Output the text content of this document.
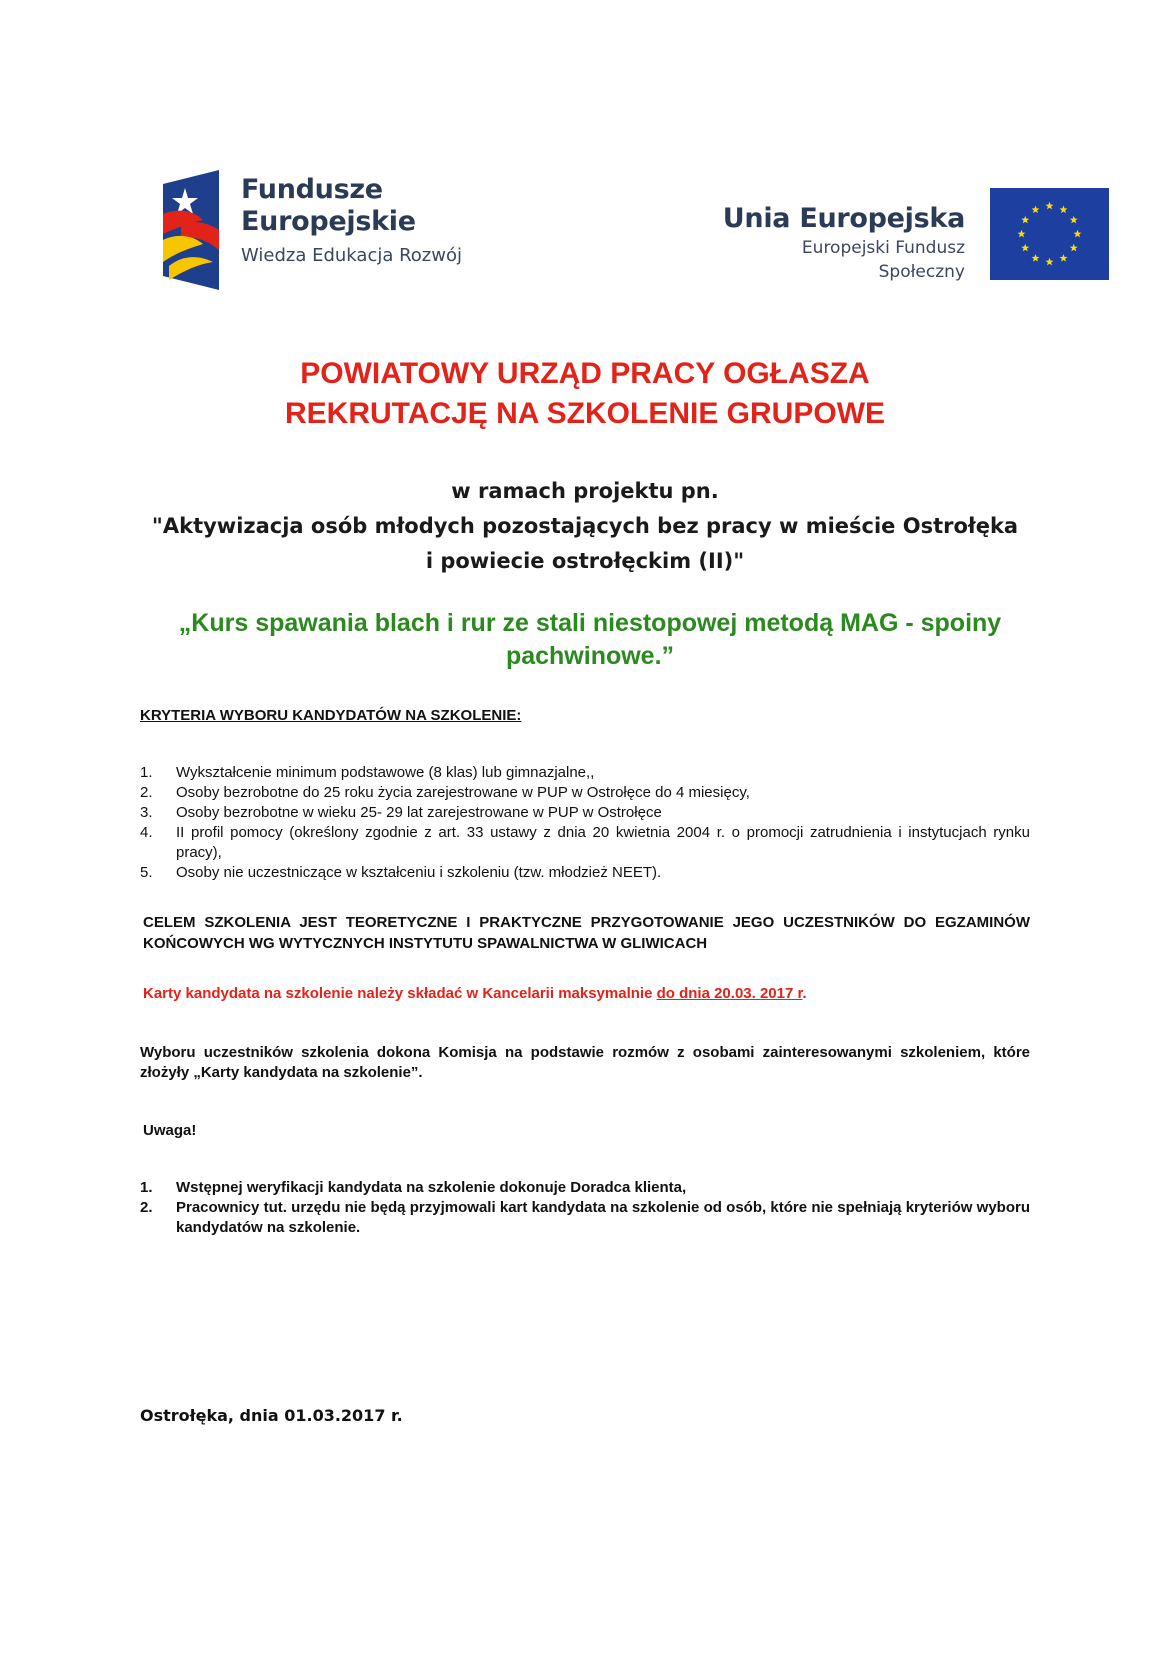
Fundusze
Europejskie
Wiedza Edukacja Rozwój
Unia Europejska
Europejski Fundusz Społeczny
POWIATOWY URZĄD PRACY OGŁASZA
REKRUTACJĘ NA SZKOLENIE GRUPOWE
w ramach projektu pn.
"Aktywizacja osób młodych pozostających bez pracy w mieście Ostrołęka
i powiecie ostrołęckim (II)"
„Kurs spawania blach i rur ze stali niestopowej metodą MAG - spoiny pachwinowe.”
KRYTERIA WYBORU KANDYDATÓW NA SZKOLENIE:
1. Wykształcenie minimum podstawowe (8 klas) lub gimnazjalne,,
2. Osoby bezrobotne do 25 roku życia zarejestrowane w PUP w Ostrołęce do 4 miesięcy,
3. Osoby bezrobotne w wieku 25- 29 lat zarejestrowane w PUP w Ostrołęce
4. II profil pomocy (określony zgodnie z art. 33 ustawy z dnia 20 kwietnia 2004 r. o promocji zatrudnienia i instytucjach rynku pracy),
5. Osoby nie uczestniczące w kształceniu i szkoleniu (tzw. młodzież NEET).
CELEM SZKOLENIA JEST TEORETYCZNE I PRAKTYCZNE PRZYGOTOWANIE JEGO UCZESTNIKÓW DO EGZAMINÓW KOŃCOWYCH WG WYTYCZNYCH INSTYTUTU SPAWALNICTWA W GLIWICACH
Karty kandydata na szkolenie należy składać w Kancelarii maksymalnie do dnia 20.03. 2017 r.
Wyboru uczestników szkolenia dokona Komisja na podstawie rozmów z osobami zainteresowanymi szkoleniem, które złożyły „Karty kandydata na szkolenie”.
Uwaga!
1. Wstępnej weryfikacji kandydata na szkolenie dokonuje Doradca klienta,
2. Pracownicy tut. urzędu nie będą przyjmowali kart kandydata na szkolenie od osób, które nie spełniają kryteriów wyboru kandydatów na szkolenie.
Ostrołęka, dnia 01.03.2017 r.
